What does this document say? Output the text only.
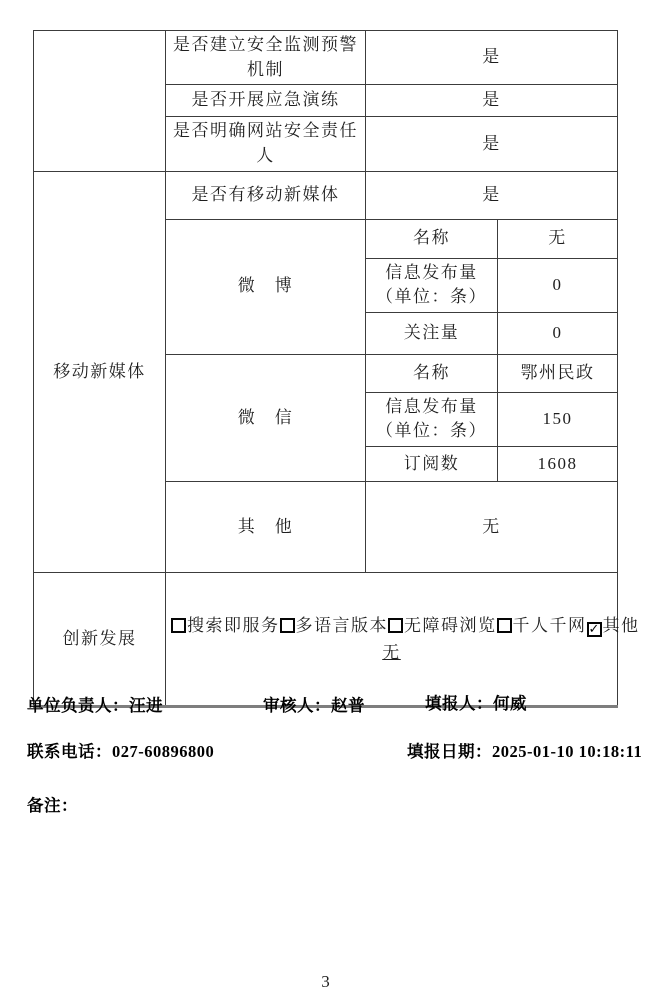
	是否建立安全监测预警机制	是	
	是否开展应急演练	是	
	是否明确网站安全责任人	是	
移动新媒体	是否有移动新媒体	是	
	微　博	名称	无
		信息发布量（单位：条）	0
		关注量	0
	微　信	名称	鄂州民政
		信息发布量（单位：条）	150
		订阅数	1608
	其　他	无	
创新发展	
搜索即服务 多语言版本 无障碍浏览 千人千网 ✓ 其他
无
单位负责人：汪进	审核人：赵普	填报人：何威
联系电话：027-60896800	填报日期：2025-01-10 10:18:11
备注：
3
